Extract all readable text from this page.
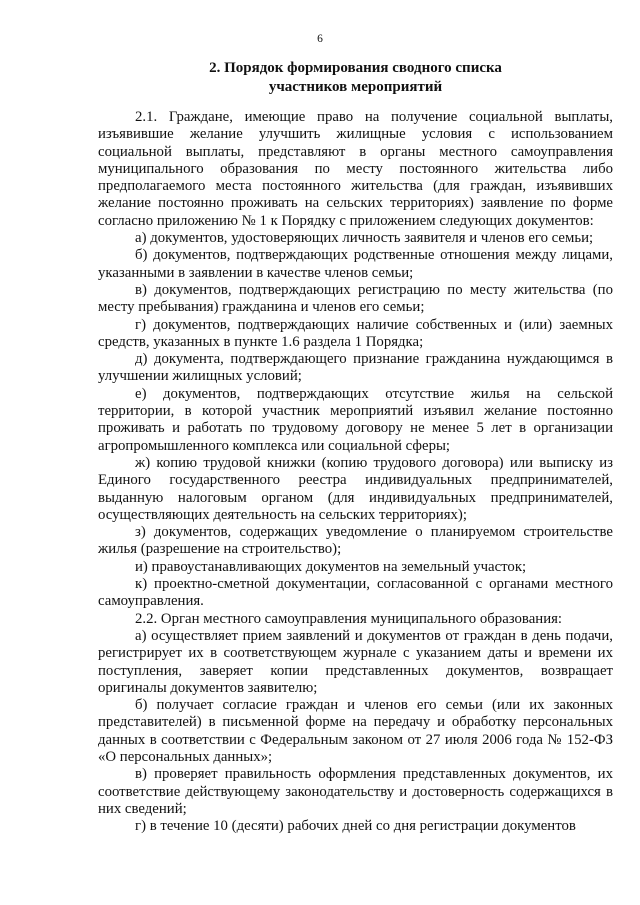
6
2. Порядок формирования сводного списка
участников мероприятий

2.1. Граждане, имеющие право на получение социальной выплаты, изъявившие желание улучшить жилищные условия с использованием социальной выплаты, представляют в органы местного самоуправления муниципального образования по месту постоянного жительства либо предполагаемого места постоянного жительства (для граждан, изъявивших желание постоянно проживать на сельских территориях) заявление по форме согласно приложению № 1 к Порядку с приложением следующих документов:

а) документов, удостоверяющих личность заявителя и членов его семьи;

б) документов, подтверждающих родственные отношения между лицами, указанными в заявлении в качестве членов семьи;

в) документов, подтверждающих регистрацию по месту жительства (по месту пребывания) гражданина и членов его семьи;

г) документов, подтверждающих наличие собственных и (или) заемных средств, указанных в пункте 1.6 раздела 1 Порядка;

д) документа, подтверждающего признание гражданина нуждающимся в улучшении жилищных условий;

е) документов, подтверждающих отсутствие жилья на сельской территории, в которой участник мероприятий изъявил желание постоянно проживать и работать по трудовому договору не менее 5 лет в организации агропромышленного комплекса или социальной сферы;

ж) копию трудовой книжки (копию трудового договора) или выписку из Единого государственного реестра индивидуальных предпринимателей, выданную налоговым органом (для индивидуальных предпринимателей, осуществляющих деятельность на сельских территориях);

з) документов, содержащих уведомление о планируемом строительстве жилья (разрешение на строительство);

и) правоустанавливающих документов на земельный участок;

к) проектно-сметной документации, согласованной с органами местного самоуправления.

2.2. Орган местного самоуправления муниципального образования:

а) осуществляет прием заявлений и документов от граждан в день подачи, регистрирует их в соответствующем журнале с указанием даты и времени их поступления, заверяет копии представленных документов, возвращает оригиналы документов заявителю;

б) получает согласие граждан и членов его семьи (или их законных представителей) в письменной форме на передачу и обработку персональных данных в соответствии с Федеральным законом от 27 июля 2006 года № 152-ФЗ «О персональных данных»;

в) проверяет правильность оформления представленных документов, их соответствие действующему законодательству и достоверность содержащихся в них сведений;

г) в течение 10 (десяти) рабочих дней со дня регистрации документов
